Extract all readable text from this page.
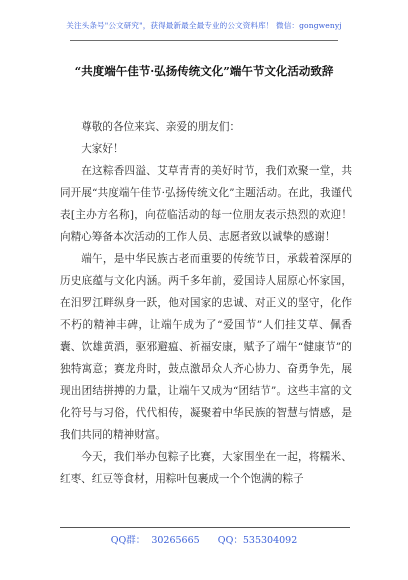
关注头条号"公文研究"，获得最新最全最专业的公文资料库！ 微信：gongwenyj
“共度端午佳节·弘扬传统文化”端午节文化活动致辞

尊敬的各位来宾、亲爱的朋友们：

大家好！

在这粽香四溢、艾草青青的美好时节，我们欢聚一堂，共同开展“共度端午佳节·弘扬传统文化”主题活动。在此，我谨代表[主办方名称]，向莅临活动的每一位朋友表示热烈的欢迎！向精心筹备本次活动的工作人员、志愿者致以诚挚的感谢！

端午，是中华民族古老而重要的传统节日，承载着深厚的历史底蕴与文化内涵。两千多年前，爱国诗人屈原心怀家国，在汨罗江畔纵身一跃，他对国家的忠诚、对正义的坚守，化作不朽的精神丰碑，让端午成为了“爱国节”人们挂艾草、佩香囊、饮雄黄酒，驱邪避瘟、祈福安康，赋予了端午“健康节”的独特寓意；赛龙舟时，鼓点激昂众人齐心协力、奋勇争先，展现出团结拼搏的力量，让端午又成为“团结节”。这些丰富的文化符号与习俗，代代相传，凝聚着中华民族的智慧与情感，是我们共同的精神财富。

今天，我们举办包粽子比赛，大家围坐在一起，将糯米、红枣、红豆等食材，用粽叶包裹成一个个饱满的粽子

QQ群：  30265665      QQ：535304092
